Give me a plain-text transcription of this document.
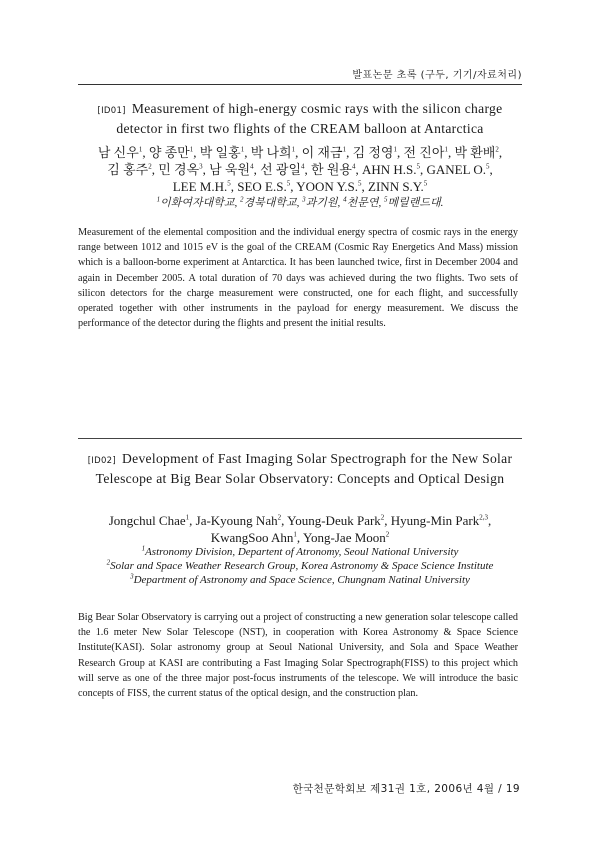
발표논문 초록 (구두, 기기/자료처리)
[ID01] Measurement of high-energy cosmic rays with the silicon charge detector in first two flights of the CREAM balloon at Antarctica
남 신우$^1$, 양 종만$^1$, 박 일홍$^1$, 박 나희$^1$, 이 재금$^1$, 김 정영$^1$, 전 진아$^1$, 박 환배$^2$,
김 홍주$^2$, 민 경옥$^3$, 남 욱원$^4$, 선 광일$^4$, 한 원용$^4$, AHN H.S.$^5$, GANEL O.$^5$,
LEE M.H.$^5$, SEO E.S.$^5$, YOON Y.S.$^5$, ZINN S.Y.$^5$
$^1$이화여자대학교, $^2$경북대학교, $^3$과기원, $^4$천문연, $^5$메릴랜드대.
Measurement of the elemental composition and the individual energy spectra of cosmic rays in the energy range between 1012 and 1015 eV is the goal of the CREAM (Cosmic Ray Energetics And Mass) mission which is a balloon-borne experiment at Antarctica. It has been launched twice, first in December 2004 and again in December 2005. A total duration of 70 days was achieved during the two flights. Two sets of silicon detectors for the charge measurement were constructed, one for each flight, and successfully operated together with other instruments in the payload for energy measurement. We discuss the performance of the detector during the flights and present the initial results.
[ID02] Development of Fast Imaging Solar Spectrograph for the New Solar Telescope at Big Bear Solar Observatory: Concepts and Optical Design
Jongchul Chae$^1$, Ja-Kyoung Nah$^2$, Young-Deuk Park$^2$, Hyung-Min Park$^{2,3}$,
KwangSoo Ahn$^1$, Yong-Jae Moon$^2$
$^1$Astronomy Division, Departent of Atronomy, Seoul National University
$^2$Solar and Space Weather Research Group, Korea Astronomy & Space Science Institute
$^3$Department of Astronomy and Space Science, Chungnam Natinal University
Big Bear Solar Observatory is carrying out a project of constructing a new generation solar telescope called the 1.6 meter New Solar Telescope (NST), in cooperation with Korea Astronomy & Space Science Institute(KASI). Solar astronomy group at Seoul National University, and Sola and Space Weather Research Group at KASI are contributing a Fast Imaging Solar Spectrograph(FISS) to this project which will serve as one of the three major post-focus instruments of the telescope. We will introduce the basic concepts of FISS, the current status of the optical design, and the construction plan.
한국천문학회보 제31권 1호, 2006년 4월 / 19
